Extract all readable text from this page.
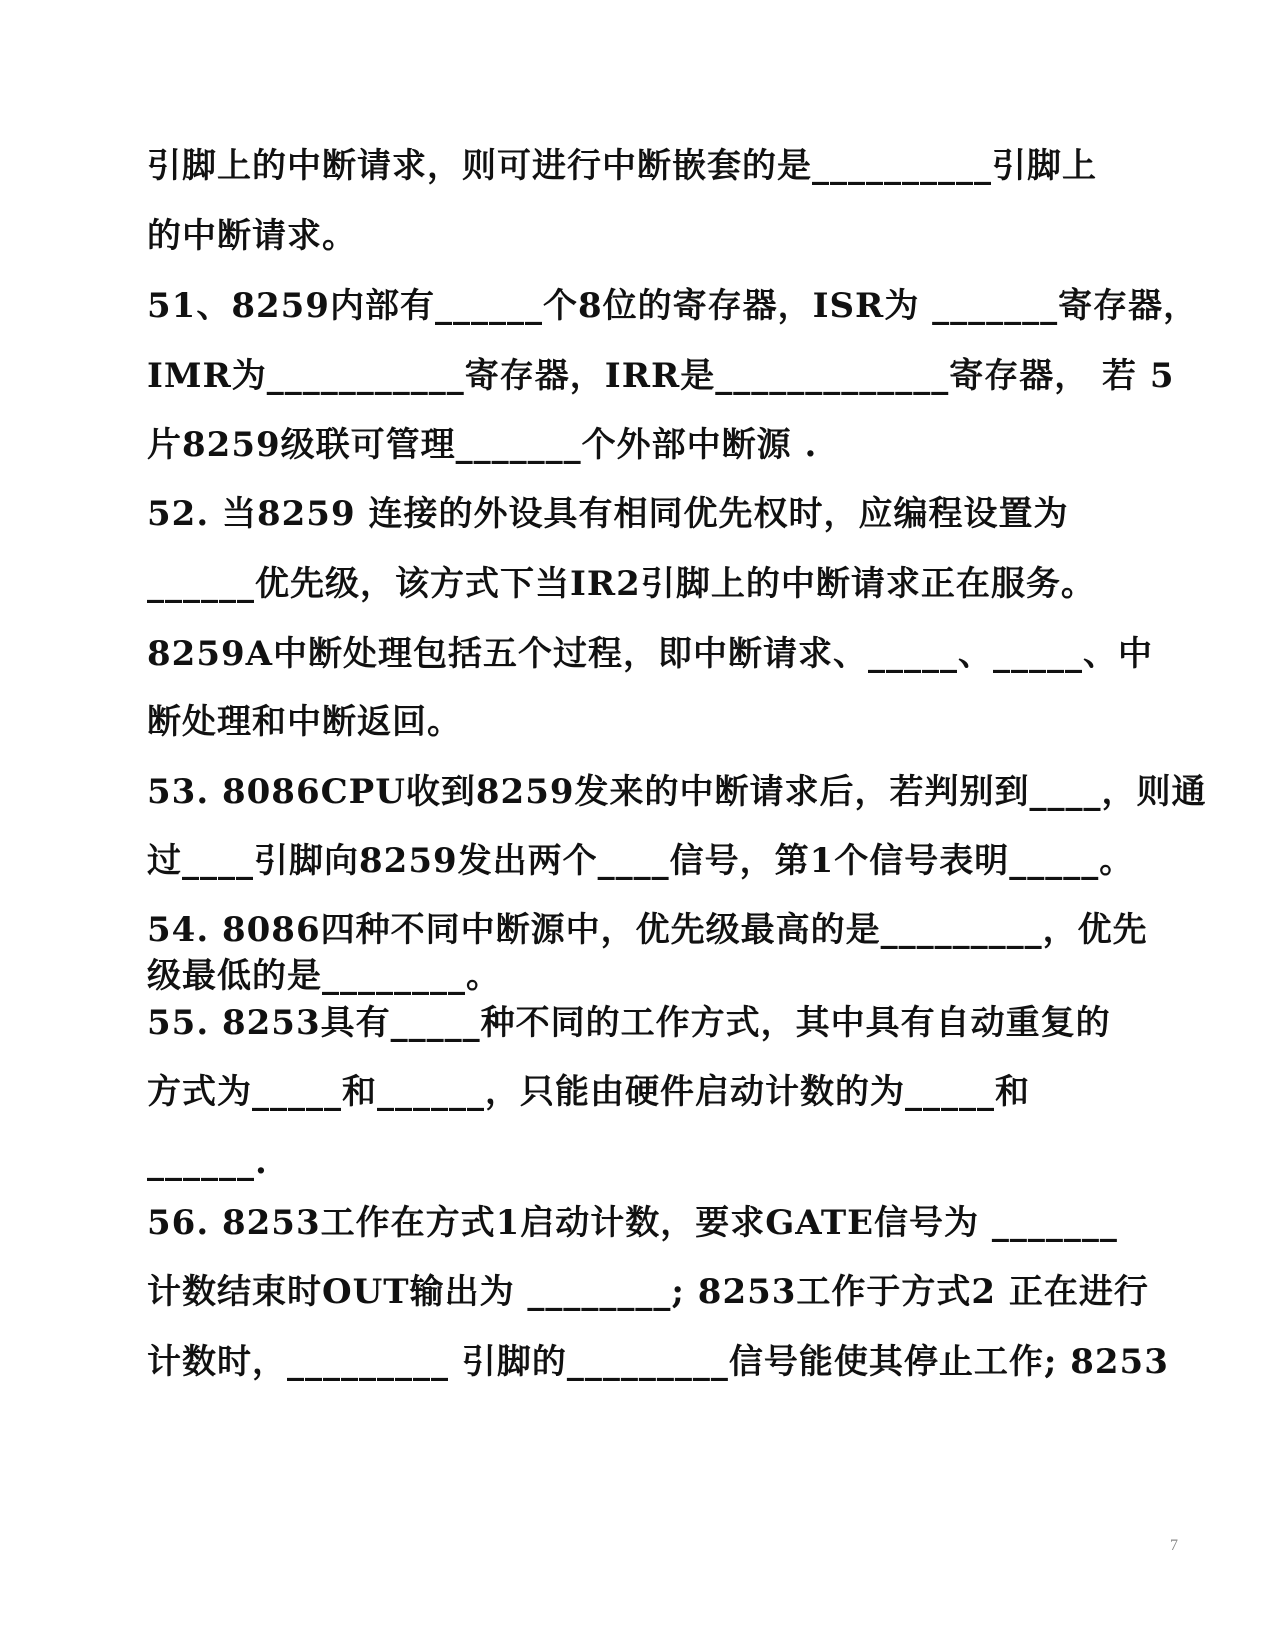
引脚上的中断请求，则可进行中断嵌套的是__________引脚上
的中断请求。
51、8259内部有______个8位的寄存器，ISR为 _______寄存器，
IMR为___________寄存器，IRR是_____________寄存器， 若 5
片8259级联可管理_______个外部中断源 .
52. 当8259 连接的外设具有相同优先权时，应编程设置为
______优先级，该方式下当IR2引脚上的中断请求正在服务。
8259A中断处理包括五个过程，即中断请求、_____、_____、中
断处理和中断返回。
53. 8086CPU收到8259发来的中断请求后，若判别到____，则通
过____引脚向8259发出两个____信号，第1个信号表明_____。
54. 8086四种不同中断源中，优先级最高的是_________，优先
级最低的是________。
55. 8253具有_____种不同的工作方式，其中具有自动重复的
方式为_____和______，只能由硬件启动计数的为_____和
______.
56. 8253工作在方式1启动计数，要求GATE信号为 _______
计数结束时OUT输出为 ________; 8253工作于方式2 正在进行
计数时，_________ 引脚的_________信号能使其停止工作; 8253
7
